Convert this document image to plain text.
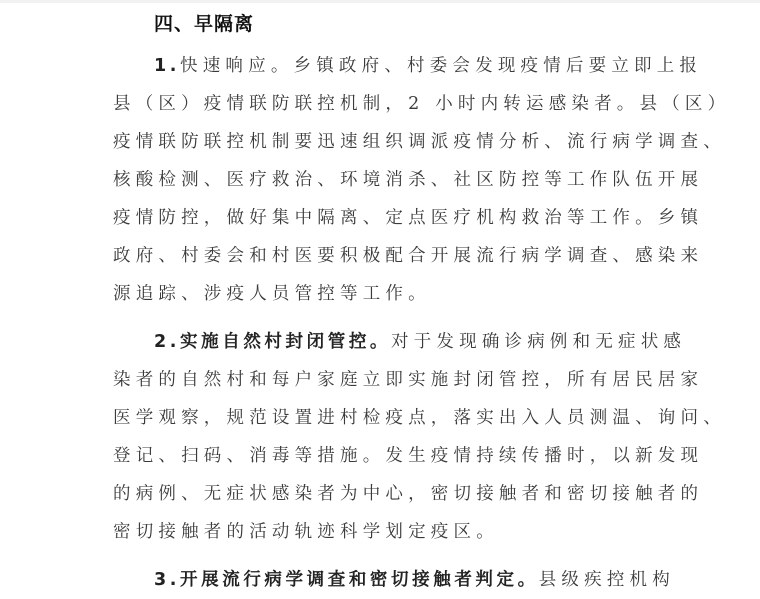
四、早隔离
1.快速响应。乡镇政府、村委会发现疫情后要立即上报
县（区）疫情联防联控机制，2 小时内转运感染者。县（区）
疫情联防联控机制要迅速组织调派疫情分析、流行病学调查、
核酸检测、医疗救治、环境消杀、社区防控等工作队伍开展
疫情防控，做好集中隔离、定点医疗机构救治等工作。乡镇
政府、村委会和村医要积极配合开展流行病学调查、感染来
源追踪、涉疫人员管控等工作。
2.实施自然村封闭管控。对于发现确诊病例和无症状感
染者的自然村和每户家庭立即实施封闭管控，所有居民居家
医学观察，规范设置进村检疫点，落实出入人员测温、询问、
登记、扫码、消毒等措施。发生疫情持续传播时，以新发现
的病例、无症状感染者为中心，密切接触者和密切接触者的
密切接触者的活动轨迹科学划定疫区。
3.开展流行病学调查和密切接触者判定。县级疾控机构
